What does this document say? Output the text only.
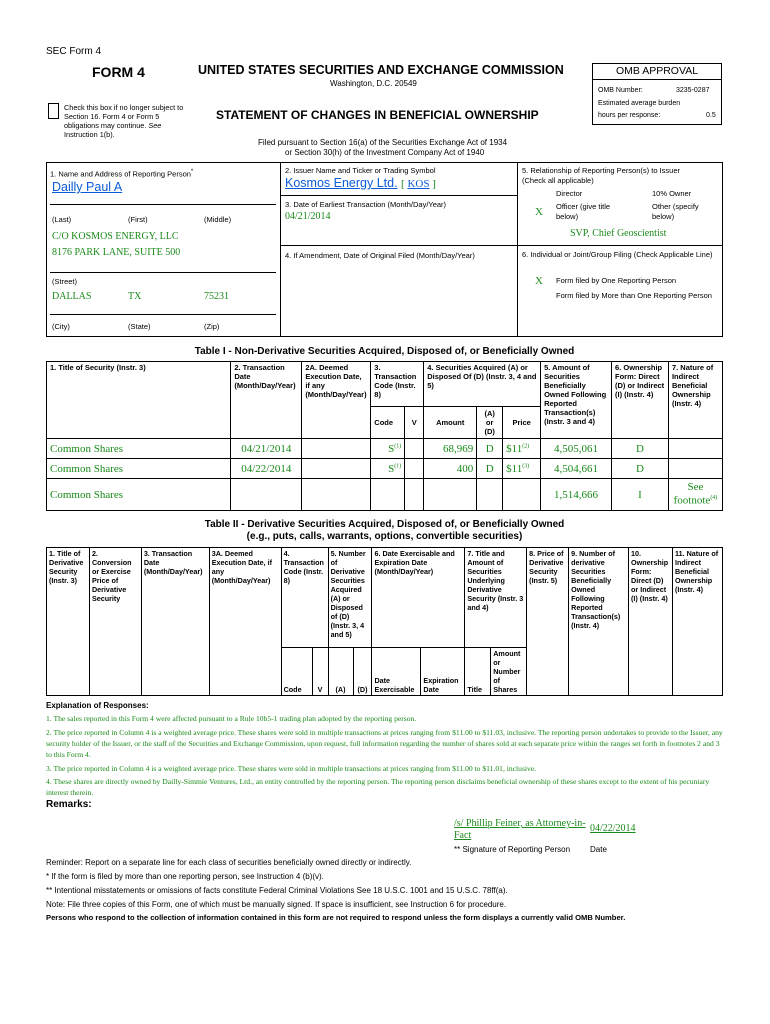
SEC Form 4
FORM 4	UNITED STATES SECURITIES AND EXCHANGE COMMISSION
Washington, D.C. 20549
Check this box if no longer subject to Section 16. Form 4 or Form 5 obligations may continue. See Instruction 1(b).
STATEMENT OF CHANGES IN BENEFICIAL OWNERSHIP
Filed pursuant to Section 16(a) of the Securities Exchange Act of 1934
or Section 30(h) of the Investment Company Act of 1940
OMB APPROVAL
OMB Number:	3235-0287
Estimated average burden
hours per response:	0.5
1. Name and Address of Reporting Person*
Dailly Paul A
(Last)	(First)	(Middle)
C/O KOSMOS ENERGY, LLC
8176 PARK LANE, SUITE 500
(Street)
DALLAS	TX	75231
(City)	(State)	(Zip)
2. Issuer Name and Ticker or Trading Symbol
Kosmos Energy Ltd. [ KOS ]
3. Date of Earliest Transaction (Month/Day/Year)
04/21/2014
4. If Amendment, Date of Original Filed (Month/Day/Year)
5. Relationship of Reporting Person(s) to Issuer
(Check all applicable)
Director	10% Owner
X Officer (give title below)
Other (specify below)
SVP, Chief Geoscientist
6. Individual or Joint/Group Filing (Check Applicable Line)
X Form filed by One Reporting Person
Form filed by More than One Reporting Person
Table I - Non-Derivative Securities Acquired, Disposed of, or Beneficially Owned
1. Title of Security (Instr. 3)	2. Transaction Date (Month/Day/Year)	2A. Deemed Execution Date, if any (Month/Day/Year)	3. Transaction Code (Instr. 8)		4. Securities Acquired (A) or Disposed Of (D) (Instr. 3, 4 and 5)			5. Amount of Securities Beneficially Owned Following Reported Transaction(s) (Instr. 3 and 4)	6. Ownership Form: Direct (D) or Indirect (I) (Instr. 4)	7. Nature of Indirect Beneficial Ownership (Instr. 4)
			Code	V	Amount	(A) or (D)	Price			
Common Shares	04/21/2014		$S^{(1)}$		68,969	D	$11$^{(2)}$	4,505,061	D	
Common Shares	04/22/2014		$S^{(1)}$		400	D	$11$^{(3)}$	4,504,661	D	
Common Shares								1,514,666	I	See footnote$^{(4)}$
Table II - Derivative Securities Acquired, Disposed of, or Beneficially Owned
(e.g., puts, calls, warrants, options, convertible securities)
1. Title of Derivative Security (Instr. 3)	2. Conversion or Exercise Price of Derivative Security	3. Transaction Date (Month/Day/Year)	3A. Deemed Execution Date, if any (Month/Day/Year)	4. Transaction Code (Instr. 8)		5. Number of Derivative Securities Acquired (A) or Disposed of (D) (Instr. 3, 4 and 5)		6. Date Exercisable and Expiration Date (Month/Day/Year)		7. Title and Amount of Securities Underlying Derivative Security (Instr. 3 and 4)		8. Price of Derivative Security (Instr. 5)	9. Number of derivative Securities Beneficially Owned Following Reported Transaction(s) (Instr. 4)	10. Ownership Form: Direct (D) or Indirect (I) (Instr. 4)	11. Nature of Indirect Beneficial Ownership (Instr. 4)
				Code	V	(A)	(D)	Date Exercisable	Expiration Date	Title	Amount or Number of Shares				
Explanation of Responses:
1. The sales reported in this Form 4 were affected pursuant to a Rule 10b5-1 trading plan adopted by the reporting person.
2. The price reported in Column 4 is a weighted average price. These shares were sold in multiple transactions at prices ranging from $11.00 to $11.03, inclusive. The reporting person undertakes to provide to the Issuer, any security holder of the Issuer, or the staff of the Securities and Exchange Commission, upon request, full information regarding the number of shares sold at each separate price within the ranges set forth in footnotes 2 and 3 to this Form 4.
3. The price reported in Column 4 is a weighted average price. These shares were sold in multiple transactions at prices ranging from $11.00 to $11.01, inclusive.
4. These shares are directly owned by Dailly-Simmie Ventures, Ltd., an entity controlled by the reporting person. The reporting person disclaims beneficial ownership of these shares except to the extent of his pecuniary interest therein.
Remarks:
/s/ Phillip Feiner, as Attorney-in-Fact
04/22/2014
** Signature of Reporting Person Date
Reminder: Report on a separate line for each class of securities beneficially owned directly or indirectly.
* If the form is filed by more than one reporting person, see Instruction 4 (b)(v).
** Intentional misstatements or omissions of facts constitute Federal Criminal Violations See 18 U.S.C. 1001 and 15 U.S.C. 78ff(a).
Note: File three copies of this Form, one of which must be manually signed. If space is insufficient, see Instruction 6 for procedure.
Persons who respond to the collection of information contained in this form are not required to respond unless the form displays a currently valid OMB Number.
